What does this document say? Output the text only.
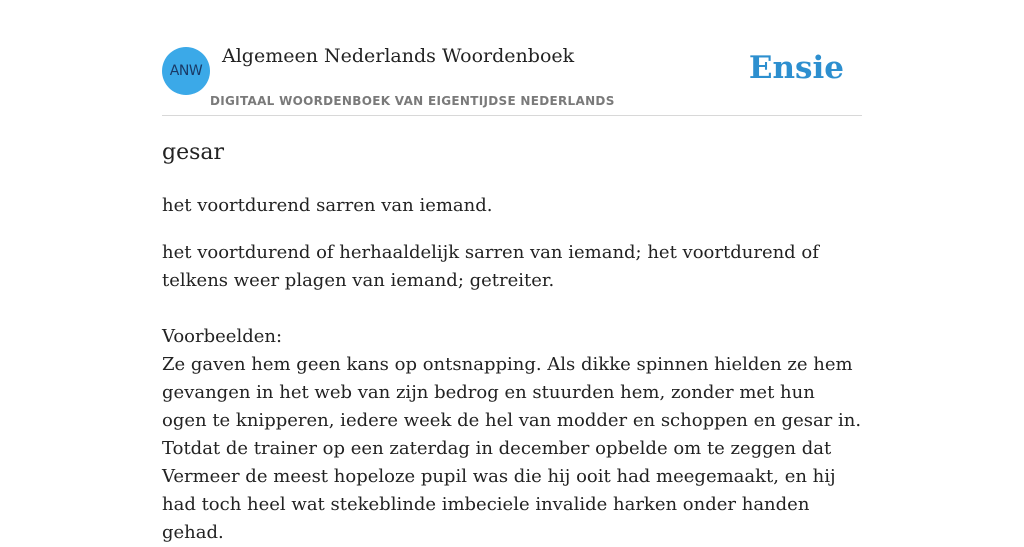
ANW
Algemeen Nederlands Woordenboek
DIGITAAL WOORDENBOEK VAN EIGENTIJDSE NEDERLANDS
Ensie
gesar
het voortdurend sarren van iemand.

het voortdurend of herhaaldelijk sarren van iemand; het voortdurend of telkens weer plagen van iemand; getreiter.

Voorbeelden:

Ze gaven hem geen kans op ontsnapping. Als dikke spinnen hielden ze hem gevangen in het web van zijn bedrog en stuurden hem, zonder met hun ogen te knipperen, iedere week de hel van modder en schoppen en gesar in. Totdat de trainer op een zaterdag in december opbelde om te zeggen dat Vermeer de meest hopeloze pupil was die hij ooit had meegemaakt, en hij had toch heel wat stekeblinde imbeciele invalide harken onder handen gehad.
